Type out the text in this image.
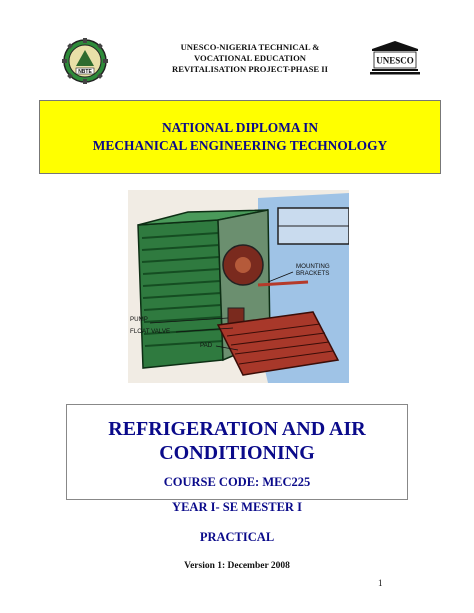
NBTE
UNESCO-NIGERIA TECHNICAL &
VOCATIONAL EDUCATION
REVITALISATION PROJECT-PHASE II
UNESCO
NATIONAL DIPLOMA IN
MECHANICAL ENGINEERING TECHNOLOGY
MOUNTING
BRACKETS
PUMP
FLOAT VALVE
PAD
REFRIGERATION AND AIR
CONDITIONING
COURSE CODE: MEC225
YEAR I- SE MESTER I
PRACTICAL
Version 1: December 2008
1
